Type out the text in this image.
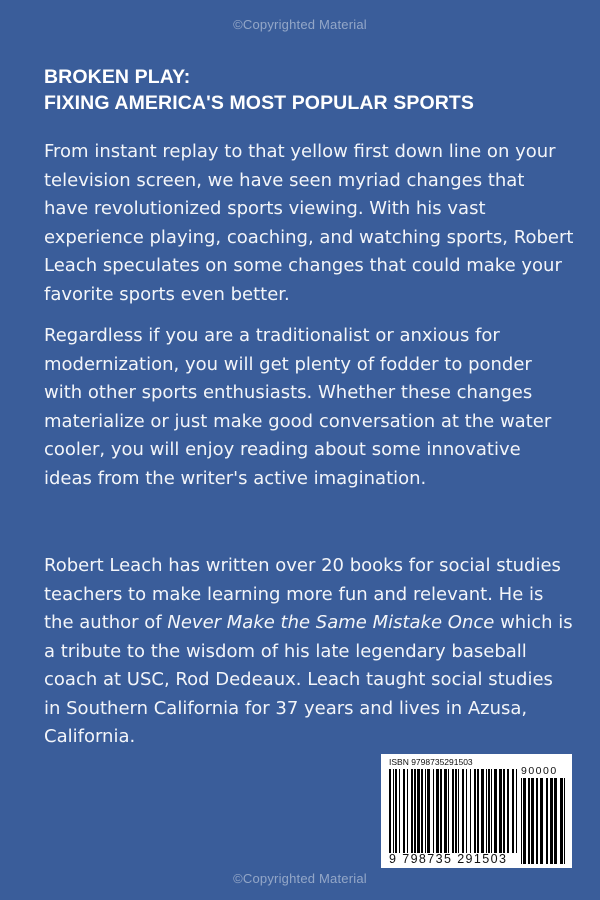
©Copyrighted Material
BROKEN PLAY:
FIXING AMERICA'S MOST POPULAR SPORTS

From instant replay to that yellow first down line on your television screen, we have seen myriad changes that have revolutionized sports viewing. With his vast experience playing, coaching, and watching sports, Robert Leach speculates on some changes that could make your favorite sports even better.

Regardless if you are a traditionalist or anxious for modernization, you will get plenty of fodder to ponder with other sports enthusiasts. Whether these changes materialize or just make good conversation at the water cooler, you will enjoy reading about some innovative ideas from the writer's active imagination.

Robert Leach has written over 20 books for social studies teachers to make learning more fun and relevant. He is the author of Never Make the Same Mistake Once which is a tribute to the wisdom of his late legendary baseball coach at USC, Rod Dedeaux. Leach taught social studies in Southern California for 37 years and lives in Azusa, California.

ISBN 9798735291503
9 798735 291503
90000
©Copyrighted Material
